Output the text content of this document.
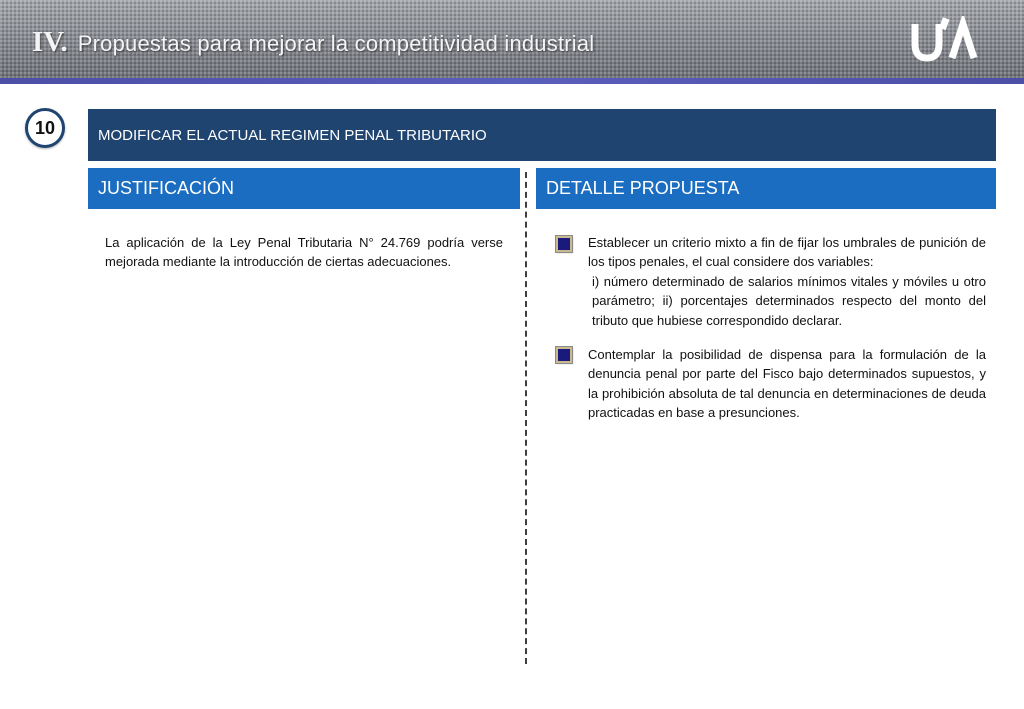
IV. Propuestas para mejorar la competitividad industrial
10	MODIFICAR EL ACTUAL REGIMEN PENAL TRIBUTARIO
JUSTIFICACIÓN	DETALLE PROPUESTA
La aplicación de la Ley Penal Tributaria N° 24.769 podría verse mejorada mediante la introducción de ciertas adecuaciones.
Establecer un criterio mixto a fin de fijar los umbrales de punición de los tipos penales, el cual considere dos variables:
i) número determinado de salarios mínimos vitales y móviles u otro parámetro; ii) porcentajes determinados respecto del monto del tributo que hubiese correspondido declarar.
Contemplar la posibilidad de dispensa para la formulación de la denuncia penal por parte del Fisco bajo determinados supuestos, y la prohibición absoluta de tal denuncia en determinaciones de deuda practicadas en base a presunciones.
